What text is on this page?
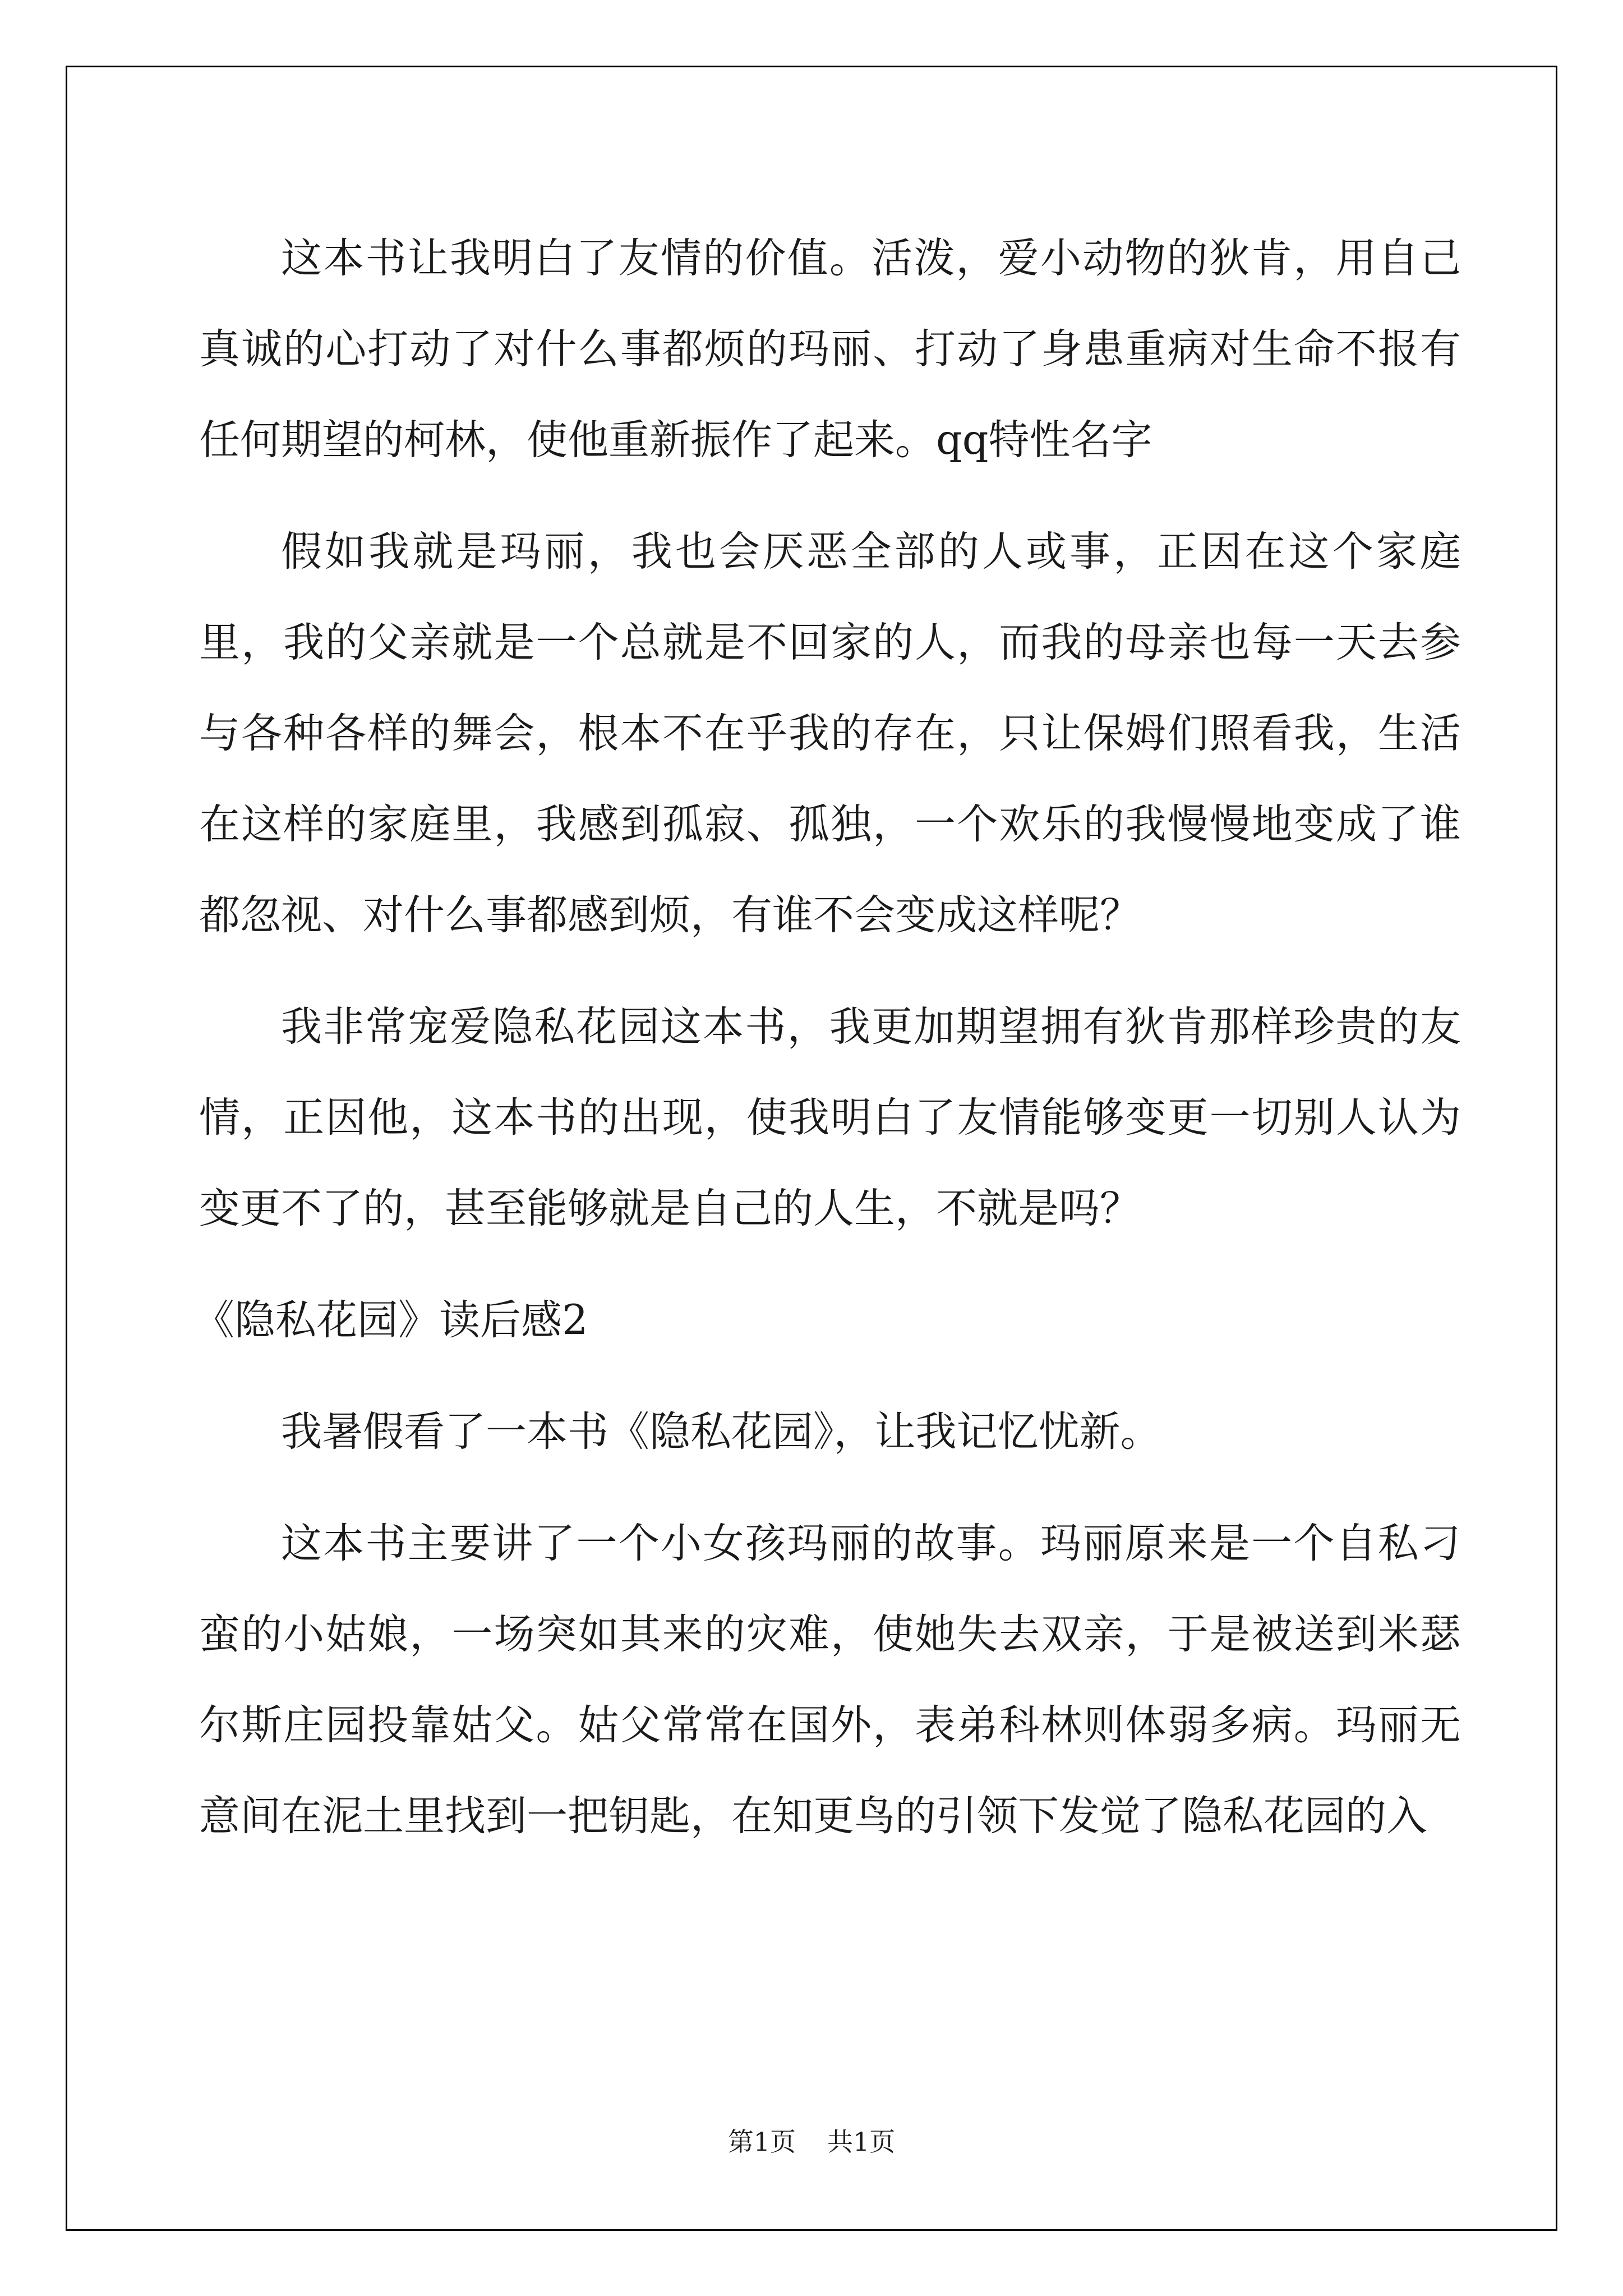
这本书让我明白了友情的价值。活泼，爱小动物的狄肯，用自己真诚的心打动了对什么事都烦的玛丽、打动了身患重病对生命不报有任何期望的柯林，使他重新振作了起来。qq特性名字

假如我就是玛丽，我也会厌恶全部的人或事，正因在这个家庭里，我的父亲就是一个总就是不回家的人，而我的母亲也每一天去参与各种各样的舞会，根本不在乎我的存在，只让保姆们照看我，生活在这样的家庭里，我感到孤寂、孤独，一个欢乐的我慢慢地变成了谁都忽视、对什么事都感到烦，有谁不会变成这样呢？

我非常宠爱隐私花园这本书，我更加期望拥有狄肯那样珍贵的友情，正因他，这本书的出现，使我明白了友情能够变更一切别人认为变更不了的，甚至能够就是自己的人生，不就是吗？

《隐私花园》读后感2

我暑假看了一本书《隐私花园》，让我记忆忧新。

这本书主要讲了一个小女孩玛丽的故事。玛丽原来是一个自私刁蛮的小姑娘，一场突如其来的灾难，使她失去双亲，于是被送到米瑟尔斯庄园投靠姑父。姑父常常在国外，表弟科林则体弱多病。玛丽无意间在泥土里找到一把钥匙，在知更鸟的引领下发觉了隐私花园的入

第1页 共1页
